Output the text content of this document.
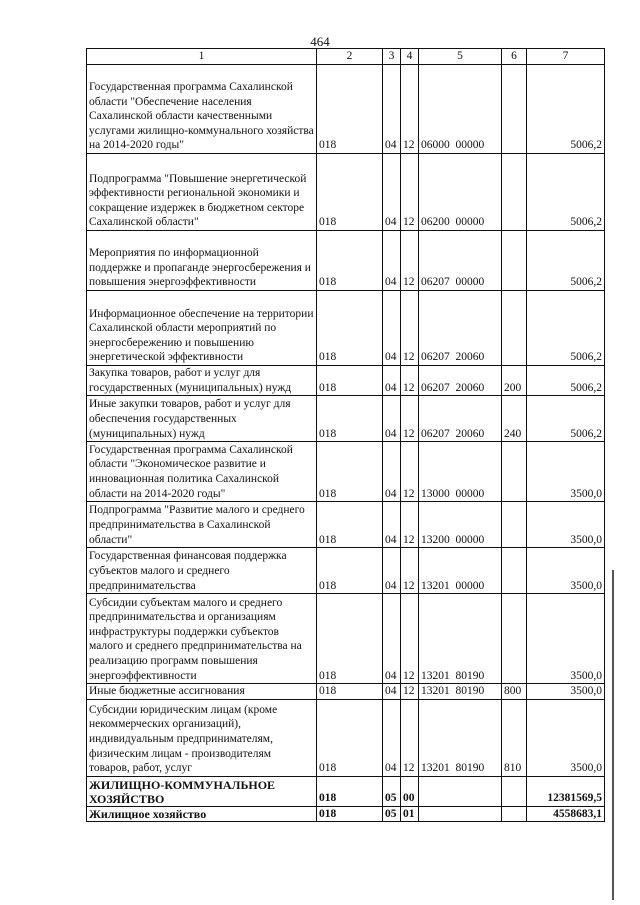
464
1	2	3	4	5	6	7
Государственная программа Сахалинской области "Обеспечение населения Сахалинской области качественными услугами жилищно-коммунального хозяйства на 2014-2020 годы"	018	04	12	06000  00000		5006,2
Подпрограмма "Повышение энергетической эффективности региональной экономики и сокращение издержек в бюджетном секторе Сахалинской области"	018	04	12	06200  00000		5006,2
Мероприятия по информационной поддержке и пропаганде энергосбережения и повышения энергоэффективности	018	04	12	06207  00000		5006,2
Информационное обеспечение на территории Сахалинской области мероприятий по энергосбережению и повышению энергетической эффективности	018	04	12	06207  20060		5006,2
Закупка товаров, работ и услуг для государственных (муниципальных) нужд	018	04	12	06207  20060	200	5006,2
Иные закупки товаров, работ и услуг для обеспечения государственных (муниципальных) нужд	018	04	12	06207  20060	240	5006,2
Государственная программа Сахалинской области "Экономическое развитие и инновационная политика Сахалинской области на 2014-2020 годы"	018	04	12	13000  00000		3500,0
Подпрограмма "Развитие малого и среднего предпринимательства в Сахалинской области"	018	04	12	13200  00000		3500,0
Государственная финансовая поддержка субъектов малого и среднего предпринимательства	018	04	12	13201  00000		3500,0
Субсидии субъектам малого и среднего предпринимательства и организациям инфраструктуры поддержки субъектов малого и среднего предпринимательства на реализацию программ повышения энергоэффективности	018	04	12	13201  80190		3500,0
Иные бюджетные ассигнования	018	04	12	13201  80190	800	3500,0
Субсидии юридическим лицам (кроме некоммерческих организаций), индивидуальным предпринимателям, физическим лицам - производителям товаров, работ, услуг	018	04	12	13201  80190	810	3500,0
ЖИЛИЩНО-КОММУНАЛЬНОЕ ХОЗЯЙСТВО	018	05	00			12381569,5
Жилищное хозяйство	018	05	01			4558683,1
